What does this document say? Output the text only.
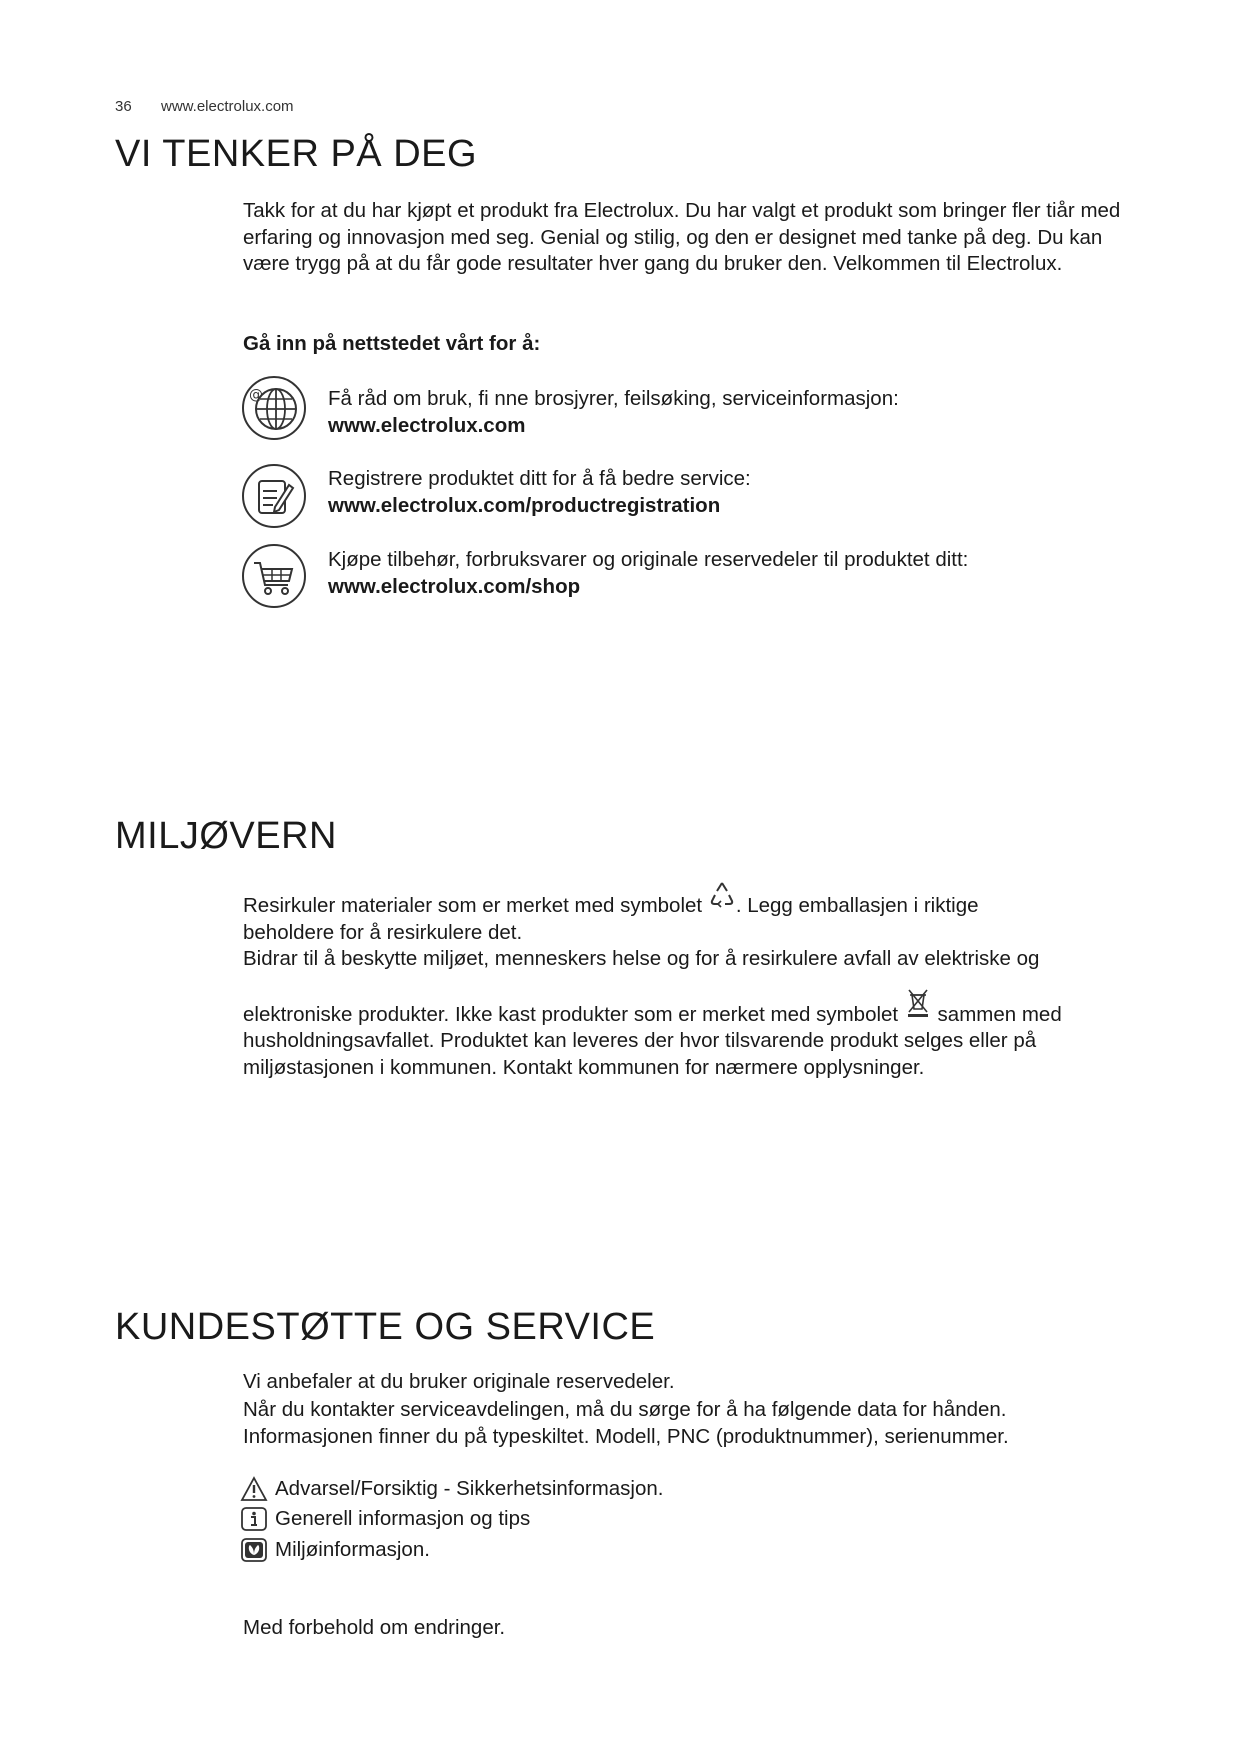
36 www.electrolux.com
VI TENKER PÅ DEG

Takk for at du har kjøpt et produkt fra Electrolux. Du har valgt et produkt som bringer fler tiår med erfaring og innovasjon med seg. Genial og stilig, og den er designet med tanke på deg. Du kan være trygg på at du får gode resultater hver gang du bruker den. Velkommen til Electrolux.

Gå inn på nettstedet vårt for å:
@	Få råd om bruk, fi nne brosjyrer, feilsøking, serviceinformasjon:
www.electrolux.com
Registrere produktet ditt for å få bedre service:
www.electrolux.com/productregistration
Kjøpe tilbehør, forbruksvarer og originale reservedeler til produktet ditt:
www.electrolux.com/shop
MILJØVERN

Resirkuler materialer som er merket med symbolet . Legg emballasjen i riktige

beholdere for å resirkulere det.

Bidrar til å beskytte miljøet, menneskers helse og for å resirkulere avfall av elektriske og

elektroniske produkter. Ikke kast produkter som er merket med symbolet  sammen med

husholdningsavfallet. Produktet kan leveres der hvor tilsvarende produkt selges eller på miljøstasjonen i kommunen. Kontakt kommunen for nærmere opplysninger.

KUNDESTØTTE OG SERVICE

Vi anbefaler at du bruker originale reservedeler.

Når du kontakter serviceavdelingen, må du sørge for å ha følgende data for hånden.

Informasjonen finner du på typeskiltet. Modell, PNC (produktnummer), serienummer.

Advarsel/Forsiktig - Sikkerhetsinformasjon.
Generell informasjon og tips
Miljøinformasjon.
Med forbehold om endringer.
